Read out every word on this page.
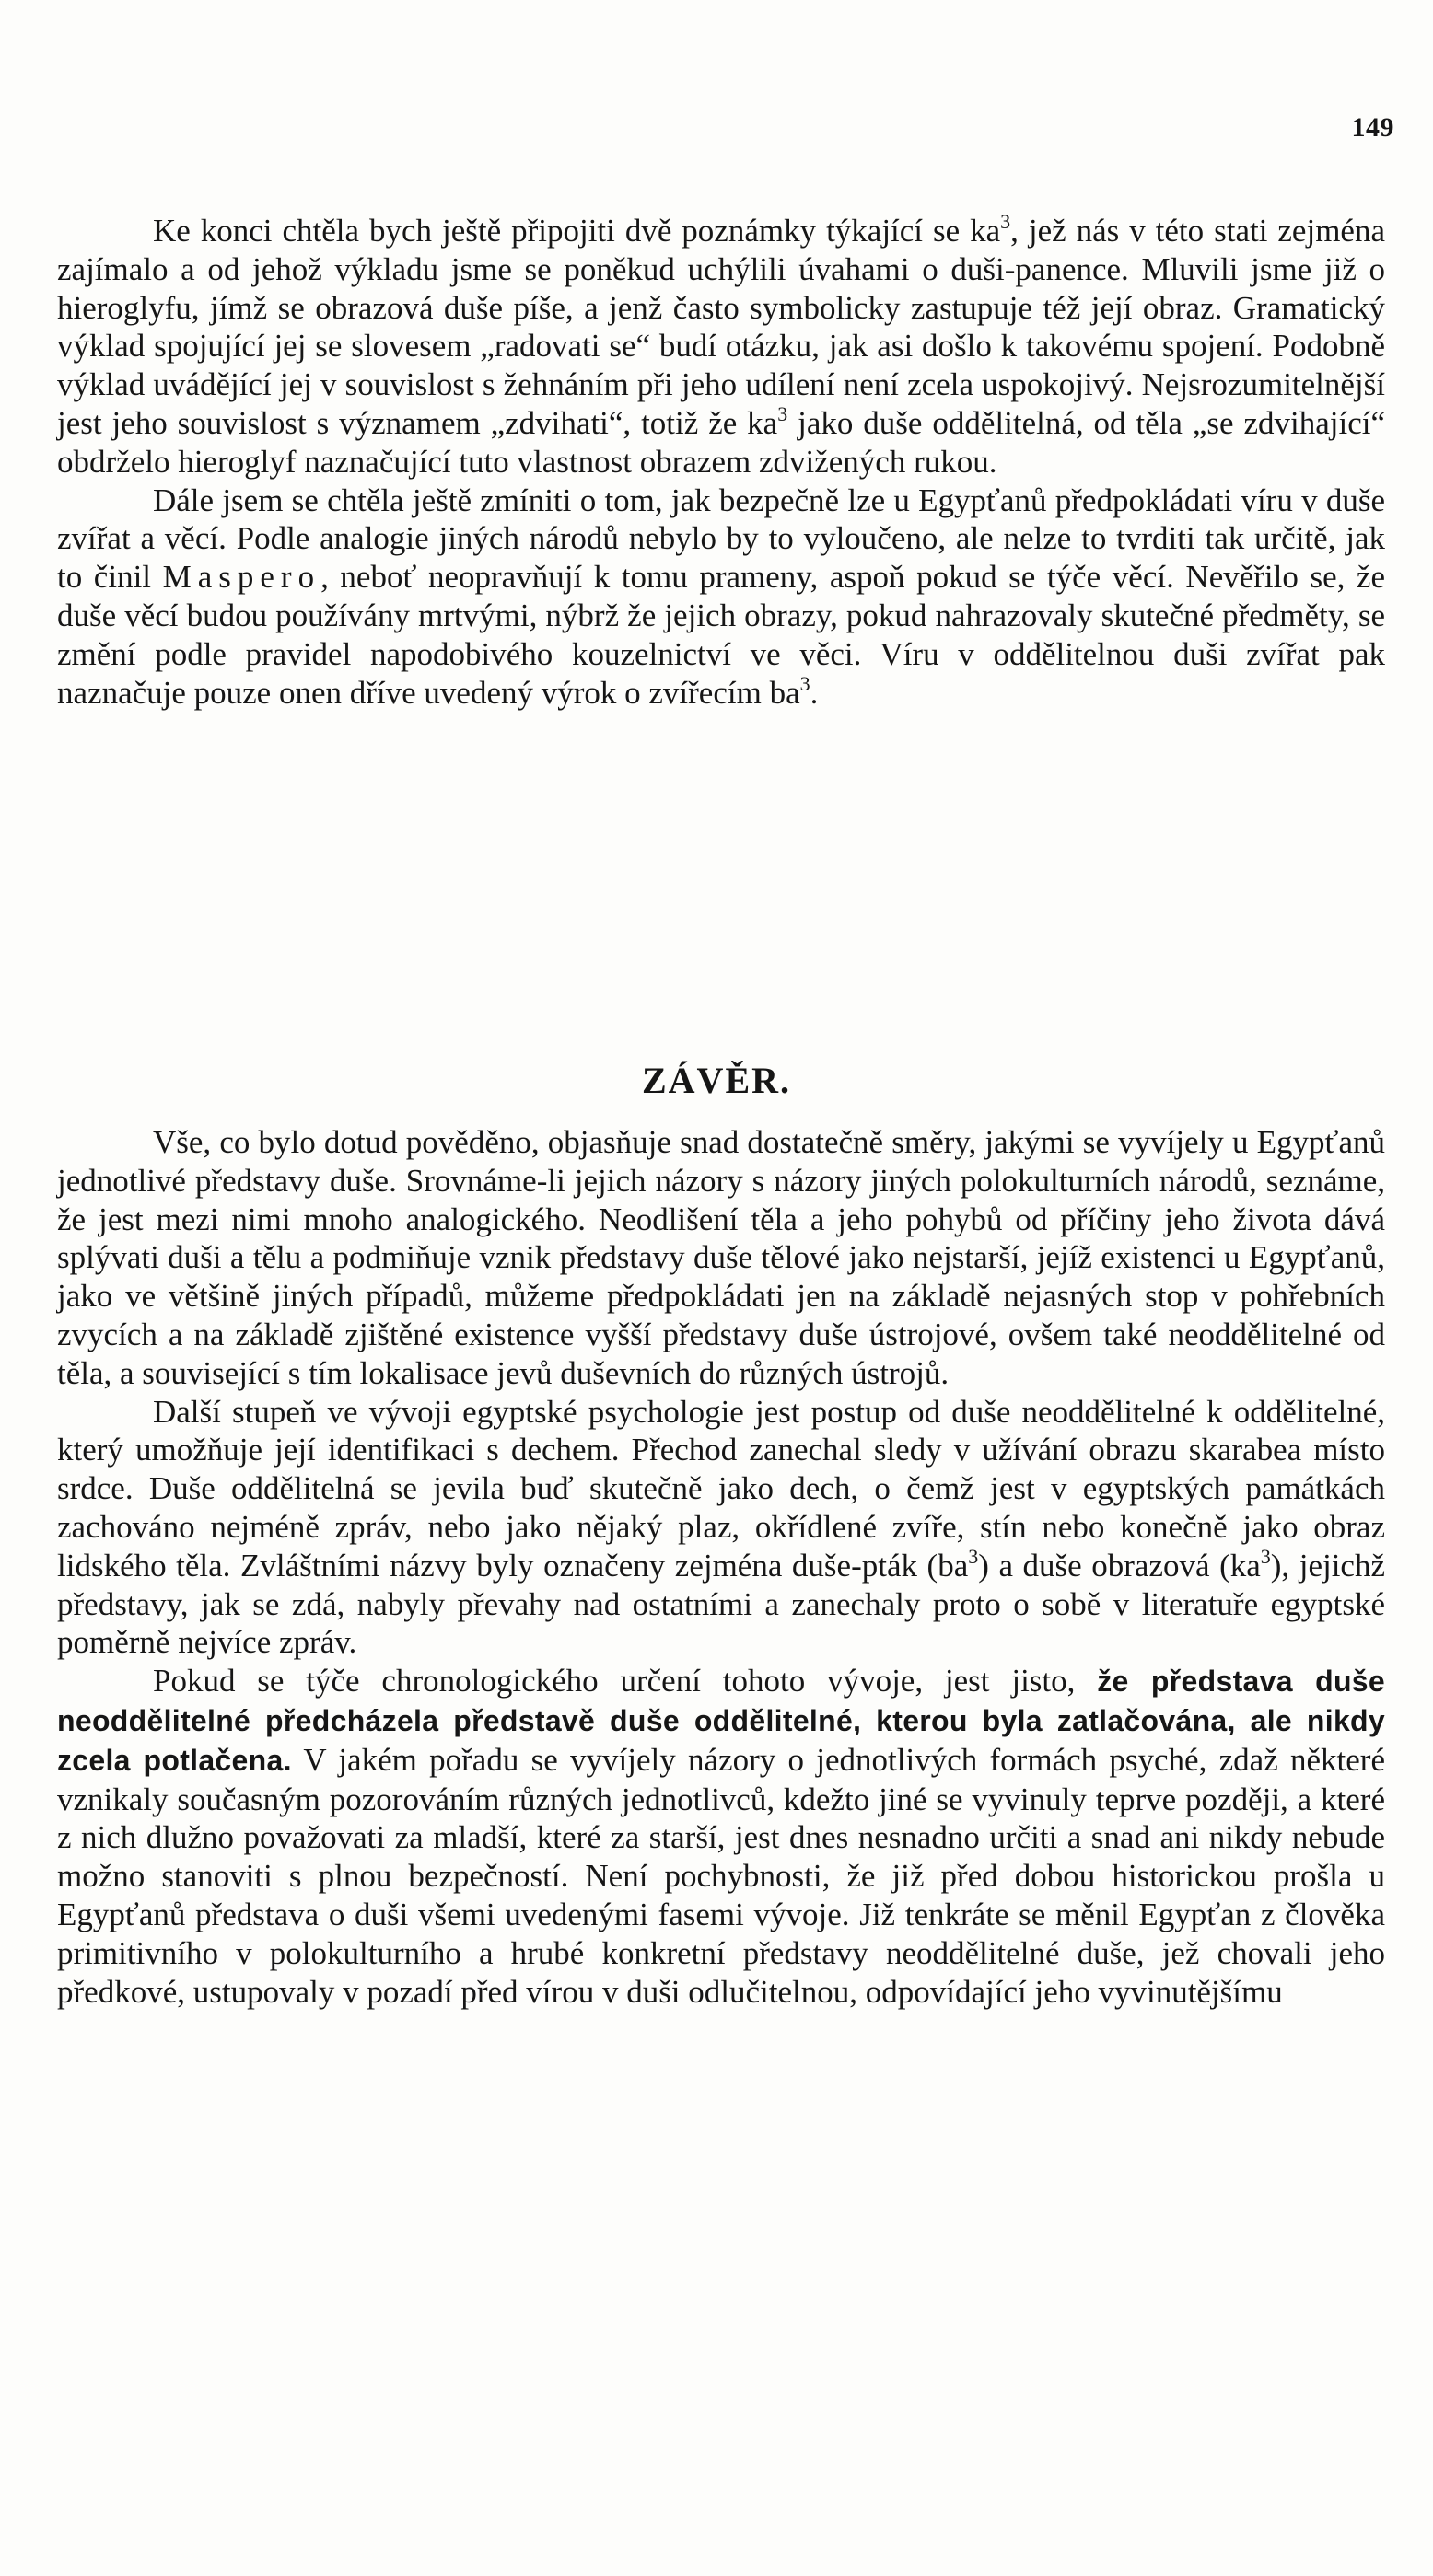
149

Ke konci chtěla bych ještě připojiti dvě poznámky týkající se $ka^3$, jež nás v této stati zejména zajímalo a od jehož výkladu jsme se poněkud uchýlili úvahami o duši-panence. Mluvili jsme již o hieroglyfu, jímž se obrazová duše píše, a jenž často symbolicky zastupuje též její obraz. Gramatický výklad spojující jej se slovesem „radovati se“ budí otázku, jak asi došlo k takovému spojení. Podobně výklad uvádějící jej v souvislost s žehnáním při jeho udílení není zcela uspokojivý. Nejsrozumitelnější jest jeho souvislost s významem „zdvihati“, totiž že $ka^3$ jako duše oddělitelná, od těla „se zdvihající“ obdrželo hieroglyf naznačující tuto vlastnost obrazem zdvižených rukou.

Dále jsem se chtěla ještě zmíniti o tom, jak bezpečně lze u Egypťanů předpokládati víru v duše zvířat a věcí. Podle analogie jiných národů nebylo by to vyloučeno, ale nelze to tvrditi tak určitě, jak to činil Maspero, neboť neopravňují k tomu prameny, aspoň pokud se týče věcí. Nevěřilo se, že duše věcí budou používány mrtvými, nýbrž že jejich obrazy, pokud nahrazovaly skutečné předměty, se změní podle pravidel napodobivého kouzelnictví ve věci. Víru v oddělitelnou duši zvířat pak naznačuje pouze onen dříve uvedený výrok o zvířecím $ba^3$.

ZÁVĚR.

Vše, co bylo dotud pověděno, objasňuje snad dostatečně směry, jakými se vyvíjely u Egypťanů jednotlivé představy duše. Srovnáme-li jejich názory s názory jiných polokulturních národů, seznáme, že jest mezi nimi mnoho analogického. Neodlišení těla a jeho pohybů od příčiny jeho života dává splývati duši a tělu a podmiňuje vznik představy duše tělové jako nejstarší, jejíž existenci u Egypťanů, jako ve většině jiných případů, můžeme předpokládati jen na základě nejasných stop v pohřebních zvycích a na základě zjištěné existence vyšší představy duše ústrojové, ovšem také neoddělitelné od těla, a související s tím lokalisace jevů duševních do různých ústrojů.

Další stupeň ve vývoji egyptské psychologie jest postup od duše neoddělitelné k oddělitelné, který umožňuje její identifikaci s dechem. Přechod zanechal sledy v užívání obrazu skarabea místo srdce. Duše oddělitelná se jevila buď skutečně jako dech, o čemž jest v egyptských památkách zachováno nejméně zpráv, nebo jako nějaký plaz, okřídlené zvíře, stín nebo konečně jako obraz lidského těla. Zvláštními názvy byly označeny zejména duše-pták $(ba^3)$ a duše obrazová $(ka^3)$, jejichž představy, jak se zdá, nabyly převahy nad ostatními a zanechaly proto o sobě v literatuře egyptské poměrně nejvíce zpráv.

Pokud se týče chronologického určení tohoto vývoje, jest jisto, že představa duše neoddělitelné předcházela představě duše oddělitelné, kterou byla zatlačována, ale nikdy zcela potlačena. V jakém pořadu se vyvíjely názory o jednotlivých formách psyché, zdaž některé vznikaly současným pozorováním různých jednotlivců, kdežto jiné se vyvinuly teprve později, a které z nich dlužno považovati za mladší, které za starší, jest dnes nesnadno určiti a snad ani nikdy nebude možno stanoviti s plnou bezpečností. Není pochybnosti, že již před dobou historickou prošla u Egypťanů představa o duši všemi uvedenými fasemi vývoje. Již tenkráte se měnil Egypťan z člověka primitivního v polokulturního a hrubé konkretní představy neoddělitelné duše, jež chovali jeho předkové, ustupovaly v pozadí před vírou v duši odlučitelnou, odpovídající jeho vyvinutějšímu
